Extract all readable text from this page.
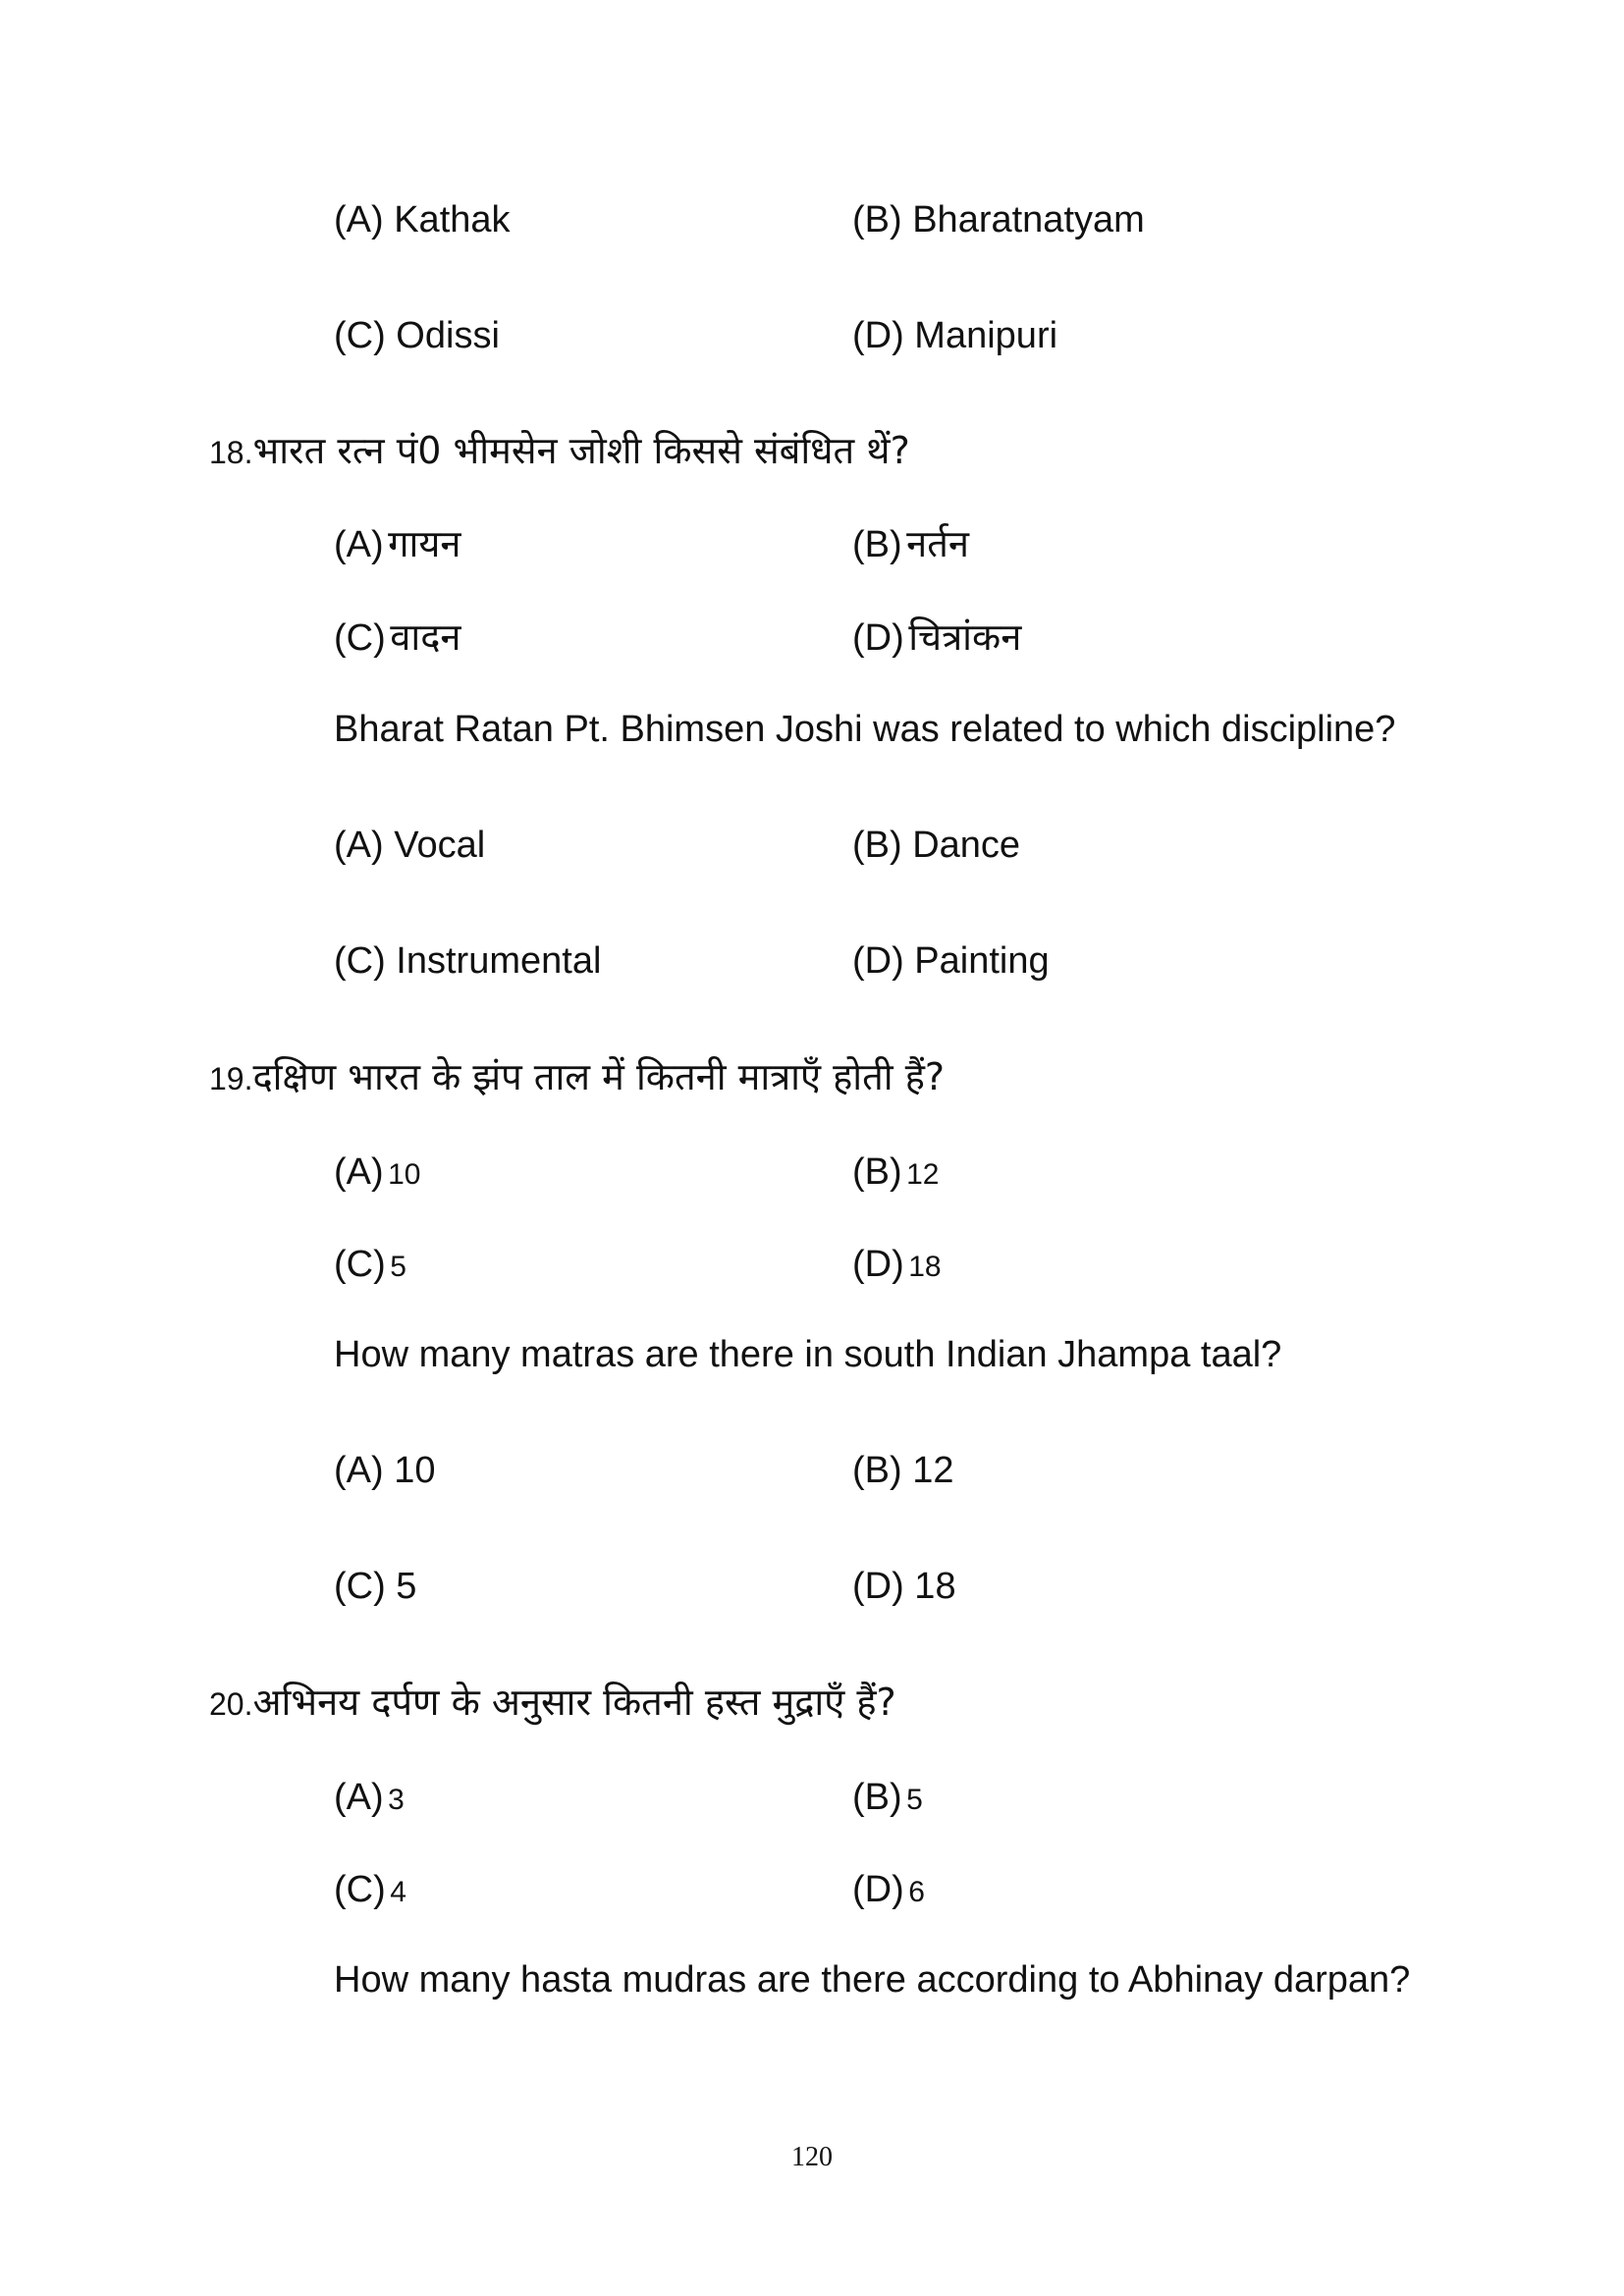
(A) Kathak	(B) Bharatnatyam
(C) Odissi	(D) Manipuri
18.भारत रत्न पं0 भीमसेन जोशी किससे संबंधित थें?
(A) गायन	(B) नर्तन
(C) वादन	(D) चित्रांकन
Bharat Ratan Pt. Bhimsen Joshi was related to which discipline?
(A) Vocal	(B) Dance
(C) Instrumental	(D) Painting
19.दक्षिण भारत के झंप ताल में कितनी मात्राएँ होती हैं?
(A) 10	(B) 12
(C) 5	(D) 18
How many matras are there in south Indian Jhampa taal?
(A) 10	(B) 12
(C) 5	(D) 18
20.अभिनय दर्पण के अनुसार कितनी हस्त मुद्राएँ हैं?
(A) 3	(B) 5
(C) 4	(D) 6
How many hasta mudras are there according to Abhinay darpan?
120
